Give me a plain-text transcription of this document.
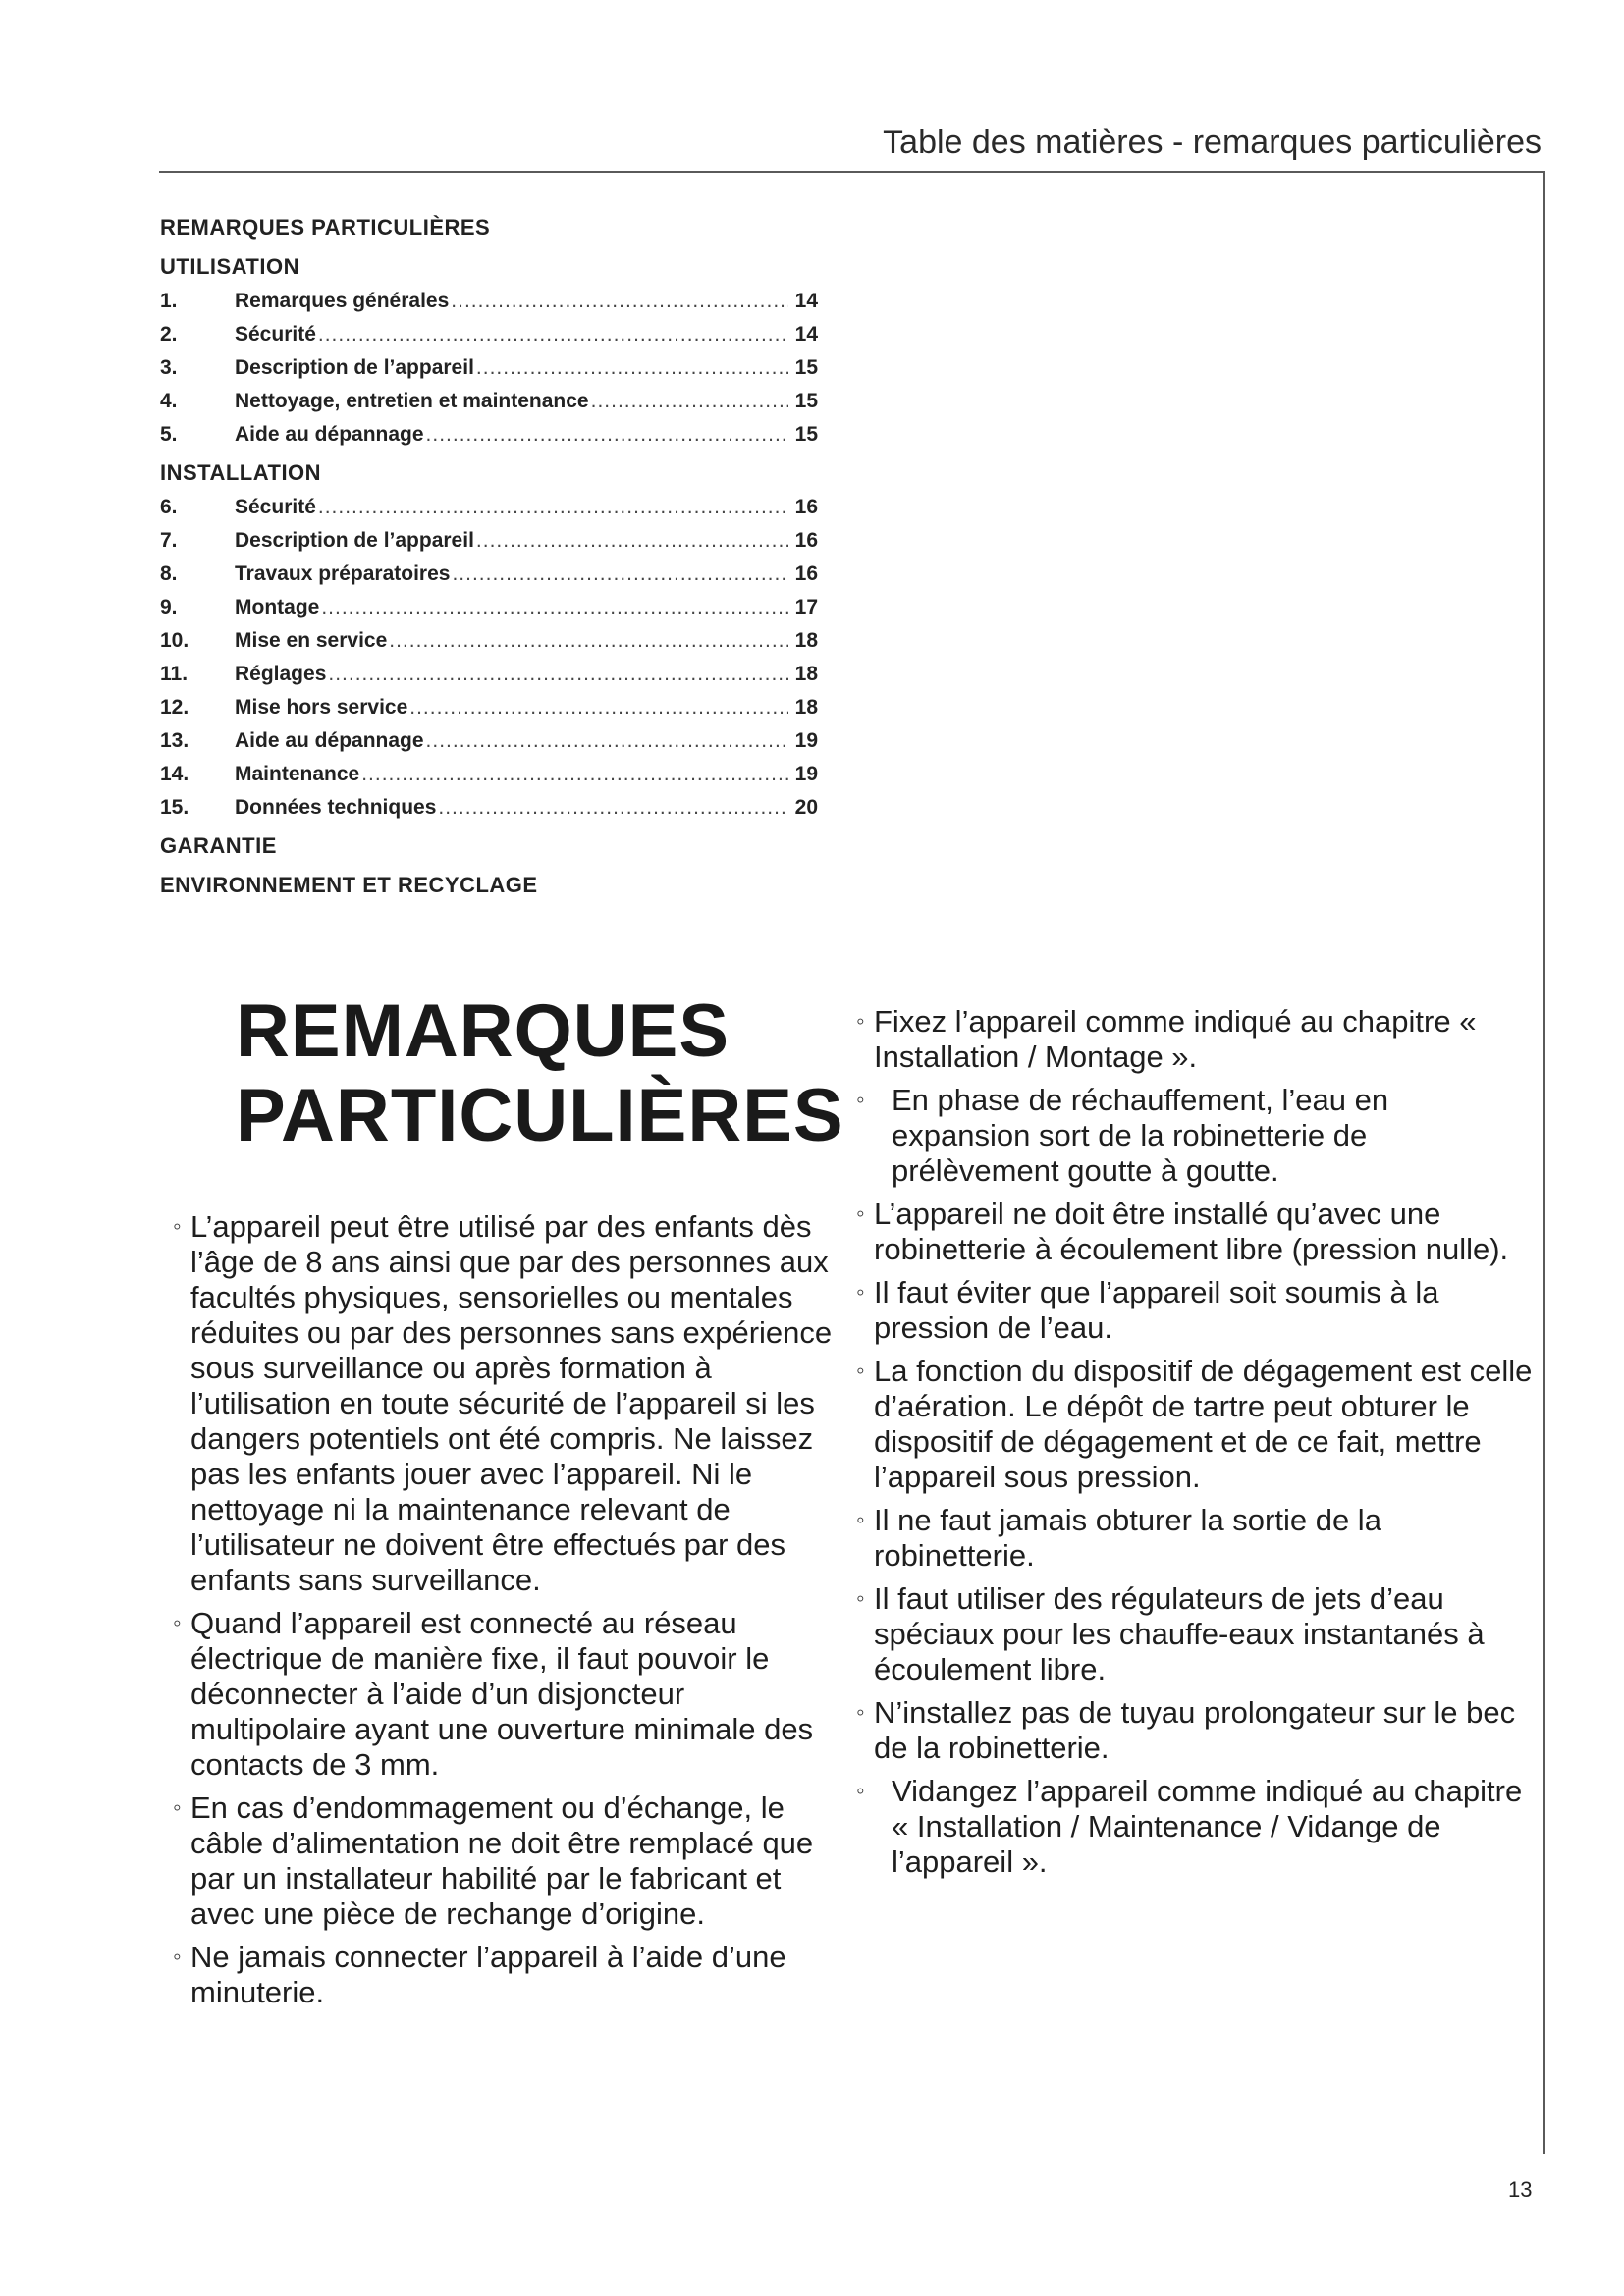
Table des matières - remarques particulières
REMARQUES PARTICULIÈRES
UTILISATION
1.	Remarques générales .....	14
2.	Sécurité .....	14
3.	Description de l’appareil .....	15
4.	Nettoyage, entretien et maintenance .....	15
5.	Aide au dépannage .....	15
INSTALLATION
6.	Sécurité .....	16
7.	Description de l’appareil .....	16
8.	Travaux préparatoires .....	16
9.	Montage .....	17
10.	Mise en service .....	18
11.	Réglages .....	18
12.	Mise hors service .....	18
13.	Aide au dépannage .....	19
14.	Maintenance .....	19
15.	Données techniques .....	20
GARANTIE
ENVIRONNEMENT ET RECYCLAGE
REMARQUES
PARTICULIÈRES
◦ L’appareil peut être utilisé par des enfants dès l’âge de 8 ans ainsi que par des personnes aux facultés physiques, sensorielles ou mentales réduites ou par des personnes sans expérience sous surveillance ou après formation à l’utilisation en toute sécurité de l’appareil si les dangers potentiels ont été compris. Ne laissez pas les enfants jouer avec l’appareil. Ni le nettoyage ni la maintenance relevant de l’utilisateur ne doivent être effectués par des enfants sans surveillance.
◦ Quand l’appareil est connecté au réseau électrique de manière fixe, il faut pouvoir le déconnecter à l’aide d’un disjoncteur multipolaire ayant une ouverture minimale des contacts de 3 mm.
◦ En cas d’endommagement ou d’échange, le câble d’alimentation ne doit être remplacé que par un installateur habilité par le fabricant et avec une pièce de rechange d’origine.
◦ Ne jamais connecter l’appareil à l’aide d’une minuterie.
◦ Fixez l’appareil comme indiqué au chapitre « Installation / Montage ».
◦ En phase de réchauffement, l’eau en expansion sort de la robinetterie de prélèvement goutte à goutte.
◦ L’appareil ne doit être installé qu’avec une robinetterie à écoulement libre (pression nulle).
◦ Il faut éviter que l’appareil soit soumis à la pression de l’eau.
◦ La fonction du dispositif de dégagement est celle d’aération. Le dépôt de tartre peut obturer le dispositif de dégagement et de ce fait, mettre l’appareil sous pression.
◦ Il ne faut jamais obturer la sortie de la robinetterie.
◦ Il faut utiliser des régulateurs de jets d’eau spéciaux pour les chauffe-eaux instantanés à écoulement libre.
◦ N’installez pas de tuyau prolongateur sur le bec de la robinetterie.
◦ Vidangez l’appareil comme indiqué au chapitre « Installation / Maintenance / Vidange de l’appareil ».
13
